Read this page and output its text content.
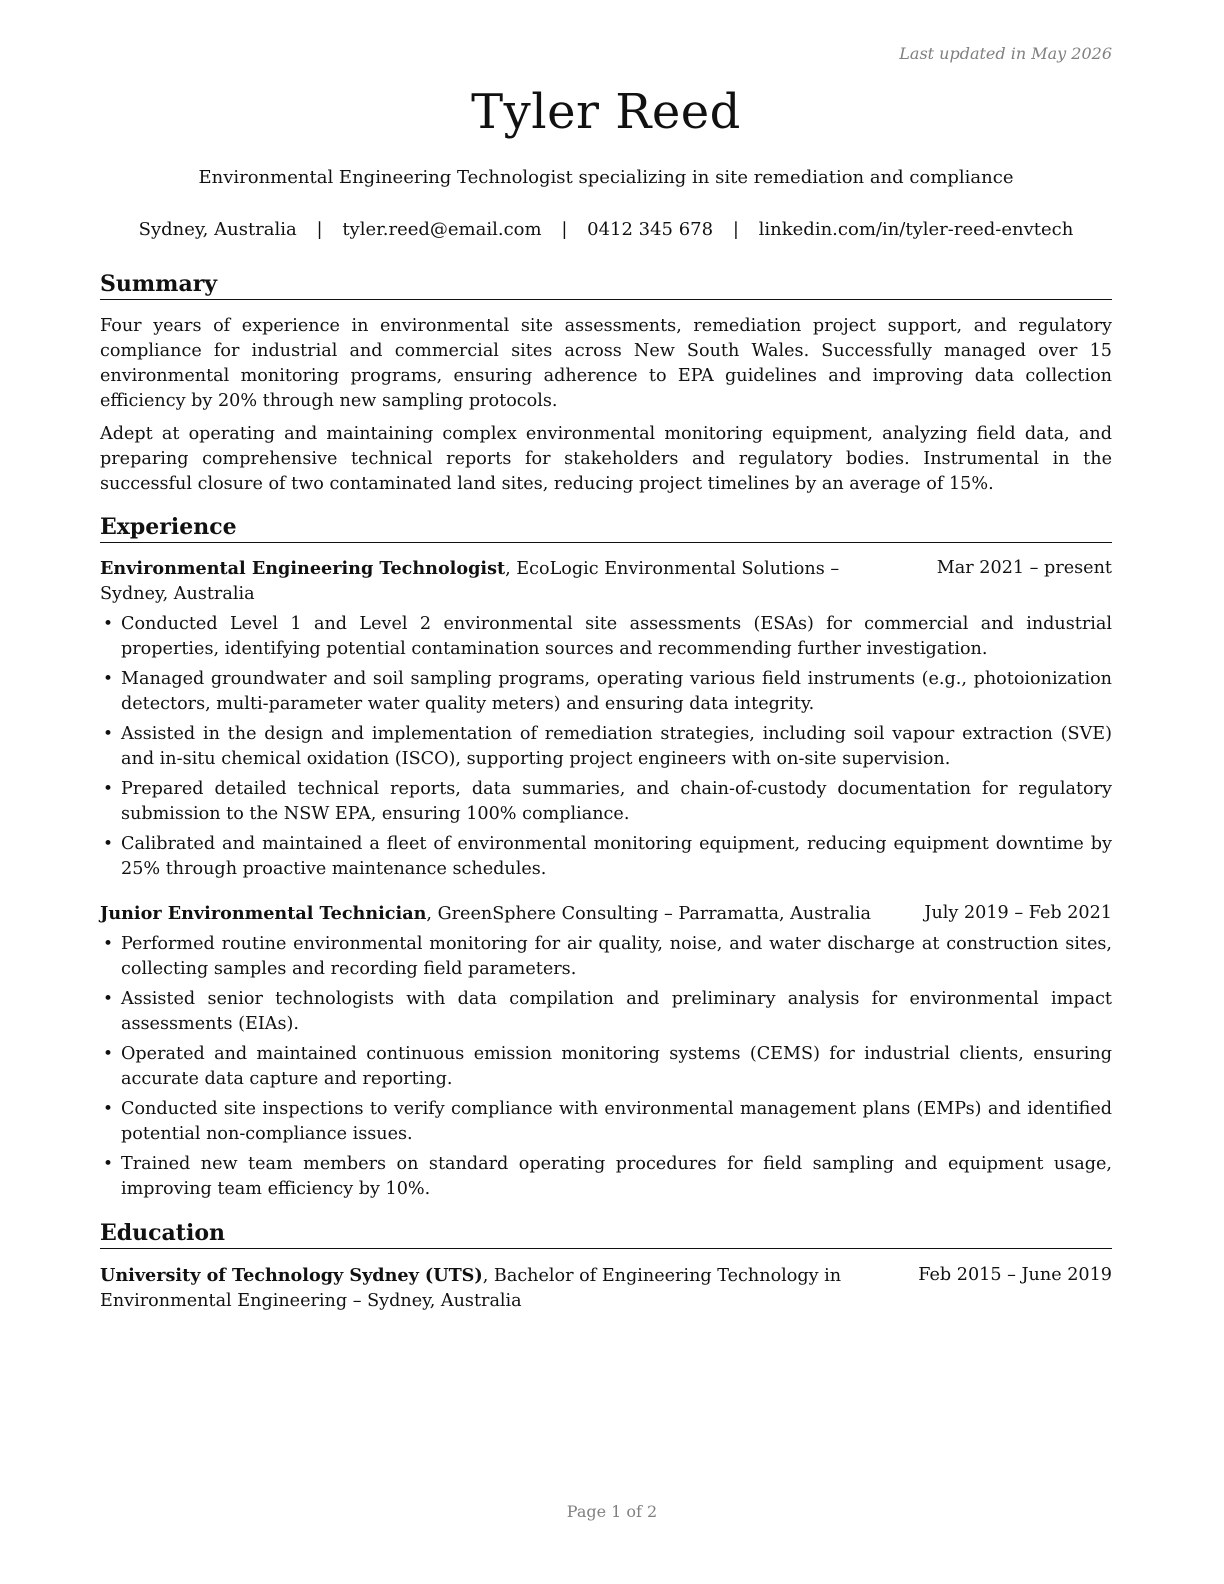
Last updated in May 2026
Tyler Reed
Environmental Engineering Technologist specializing in site remediation and compliance
Sydney, Australia | tyler.reed@email.com | 0412 345 678 | linkedin.com/in/tyler-reed-envtech
Summary

Four years of experience in environmental site assessments, remediation project support, and regulatory compliance for industrial and commercial sites across New South Wales. Successfully managed over 15 environmental monitoring programs, ensuring adherence to EPA guidelines and improving data collection efficiency by 20% through new sampling protocols.

Adept at operating and maintaining complex environmental monitoring equipment, analyzing field data, and preparing comprehensive technical reports for stakeholders and regulatory bodies. Instrumental in the successful closure of two contaminated land sites, reducing project timelines by an average of 15%.

Experience
Environmental Engineering Technologist, EcoLogic Environmental Solutions – Sydney, Australia
Mar 2021 – present
• Conducted Level 1 and Level 2 environmental site assessments (ESAs) for commercial and industrial properties, identifying potential contamination sources and recommending further investigation.
• Managed groundwater and soil sampling programs, operating various field instruments (e.g., photoionization detectors, multi-parameter water quality meters) and ensuring data integrity.
• Assisted in the design and implementation of remediation strategies, including soil vapour extraction (SVE) and in-situ chemical oxidation (ISCO), supporting project engineers with on-site supervision.
• Prepared detailed technical reports, data summaries, and chain-of-custody documentation for regulatory submission to the NSW EPA, ensuring 100% compliance.
• Calibrated and maintained a fleet of environmental monitoring equipment, reducing equipment downtime by 25% through proactive maintenance schedules.
Junior Environmental Technician, GreenSphere Consulting – Parramatta, Australia	July 2019 – Feb 2021
• Performed routine environmental monitoring for air quality, noise, and water discharge at construction sites, collecting samples and recording field parameters.
• Assisted senior technologists with data compilation and preliminary analysis for environmental impact assessments (EIAs).
• Operated and maintained continuous emission monitoring systems (CEMS) for industrial clients, ensuring accurate data capture and reporting.
• Conducted site inspections to verify compliance with environmental management plans (EMPs) and identified potential non-compliance issues.
• Trained new team members on standard operating procedures for field sampling and equipment usage, improving team efficiency by 10%.
Education
University of Technology Sydney (UTS), Bachelor of Engineering Technology in Environmental Engineering – Sydney, Australia
Feb 2015 – June 2019
Page 1 of 2
